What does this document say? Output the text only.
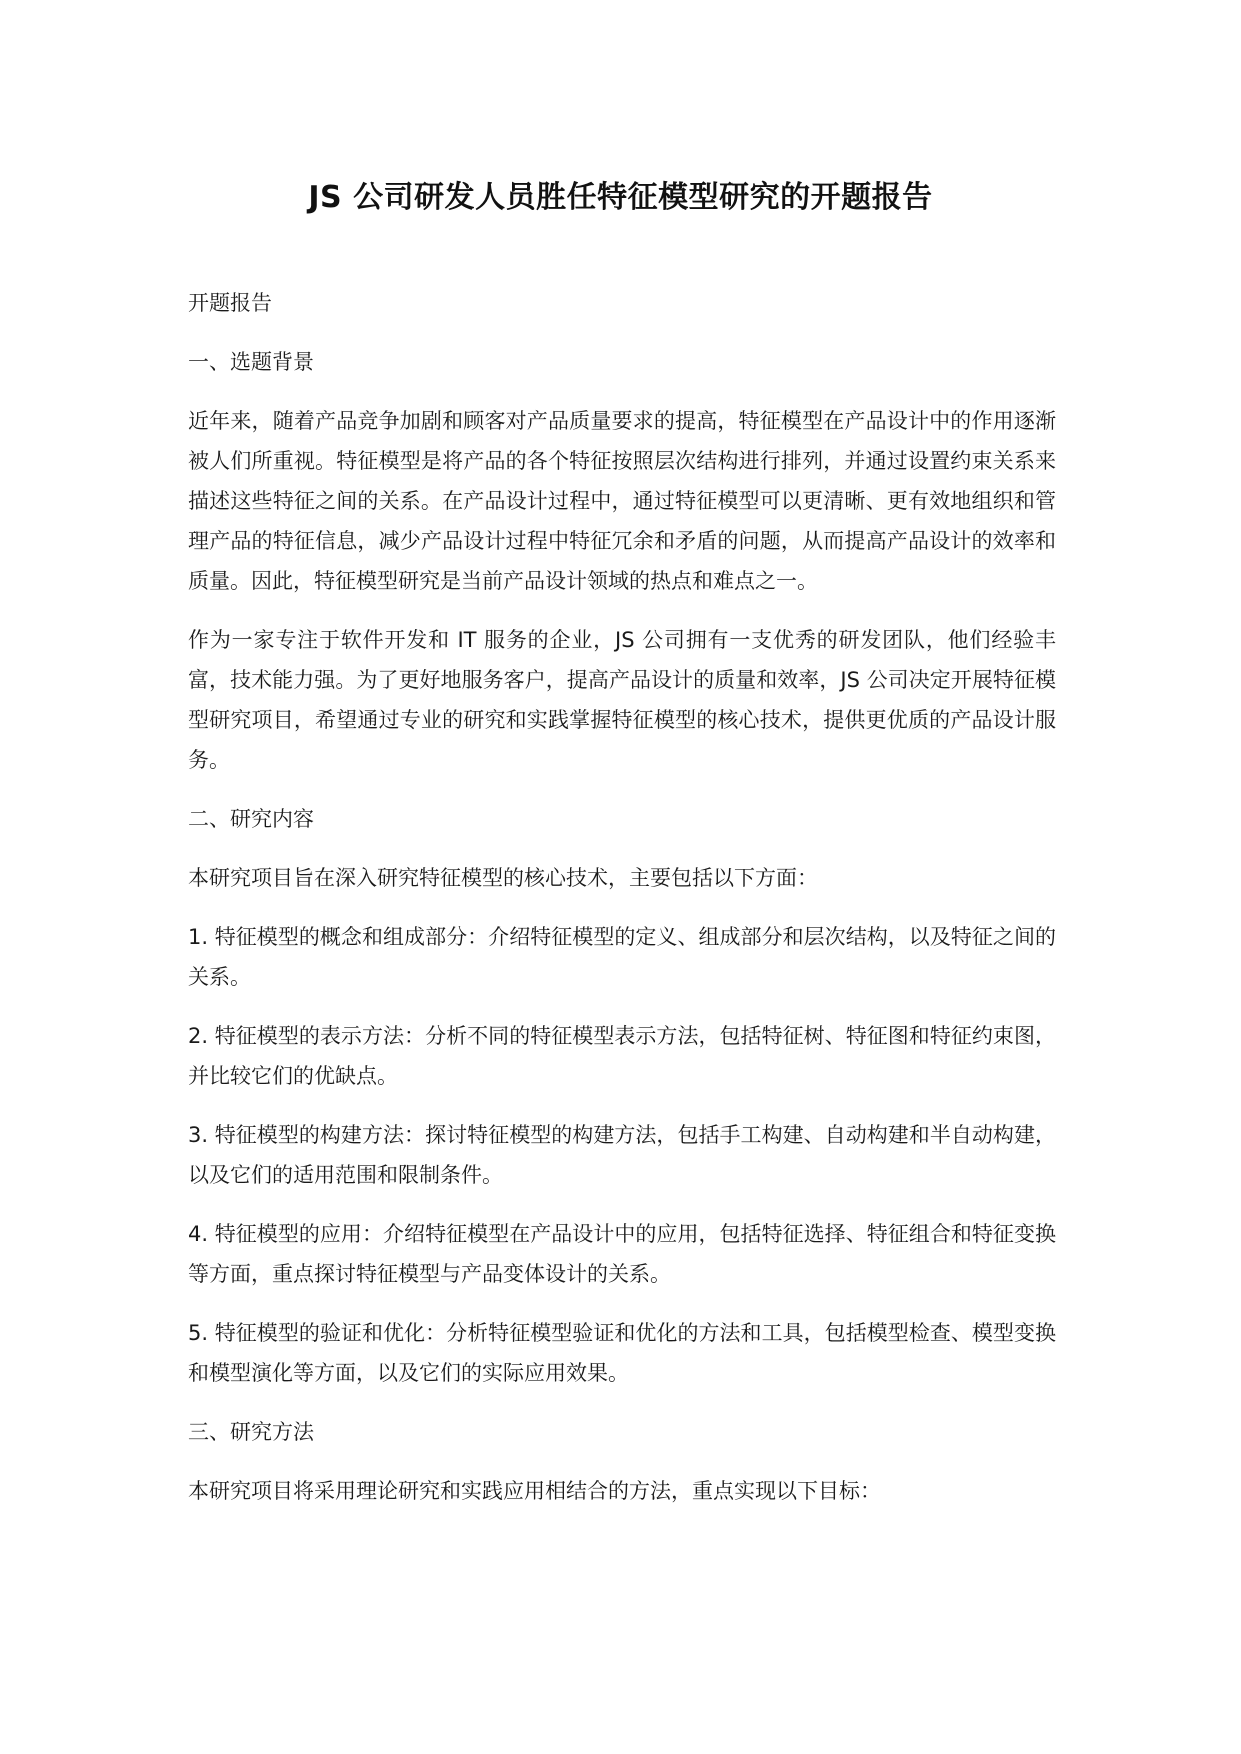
JS 公司研发人员胜任特征模型研究的开题报告

开题报告

一、选题背景

近年来，随着产品竞争加剧和顾客对产品质量要求的提高，特征模型在产品设计中的作用逐渐被人们所重视。特征模型是将产品的各个特征按照层次结构进行排列，并通过设置约束关系来描述这些特征之间的关系。在产品设计过程中，通过特征模型可以更清晰、更有效地组织和管理产品的特征信息，减少产品设计过程中特征冗余和矛盾的问题，从而提高产品设计的效率和质量。因此，特征模型研究是当前产品设计领域的热点和难点之一。

作为一家专注于软件开发和 IT 服务的企业，JS 公司拥有一支优秀的研发团队，他们经验丰富，技术能力强。为了更好地服务客户，提高产品设计的质量和效率，JS 公司决定开展特征模型研究项目，希望通过专业的研究和实践掌握特征模型的核心技术，提供更优质的产品设计服务。

二、研究内容

本研究项目旨在深入研究特征模型的核心技术，主要包括以下方面：

1. 特征模型的概念和组成部分：介绍特征模型的定义、组成部分和层次结构，以及特征之间的关系。

2. 特征模型的表示方法：分析不同的特征模型表示方法，包括特征树、特征图和特征约束图，并比较它们的优缺点。

3. 特征模型的构建方法：探讨特征模型的构建方法，包括手工构建、自动构建和半自动构建，以及它们的适用范围和限制条件。

4. 特征模型的应用：介绍特征模型在产品设计中的应用，包括特征选择、特征组合和特征变换等方面，重点探讨特征模型与产品变体设计的关系。

5. 特征模型的验证和优化：分析特征模型验证和优化的方法和工具，包括模型检查、模型变换和模型演化等方面，以及它们的实际应用效果。

三、研究方法

本研究项目将采用理论研究和实践应用相结合的方法，重点实现以下目标：
